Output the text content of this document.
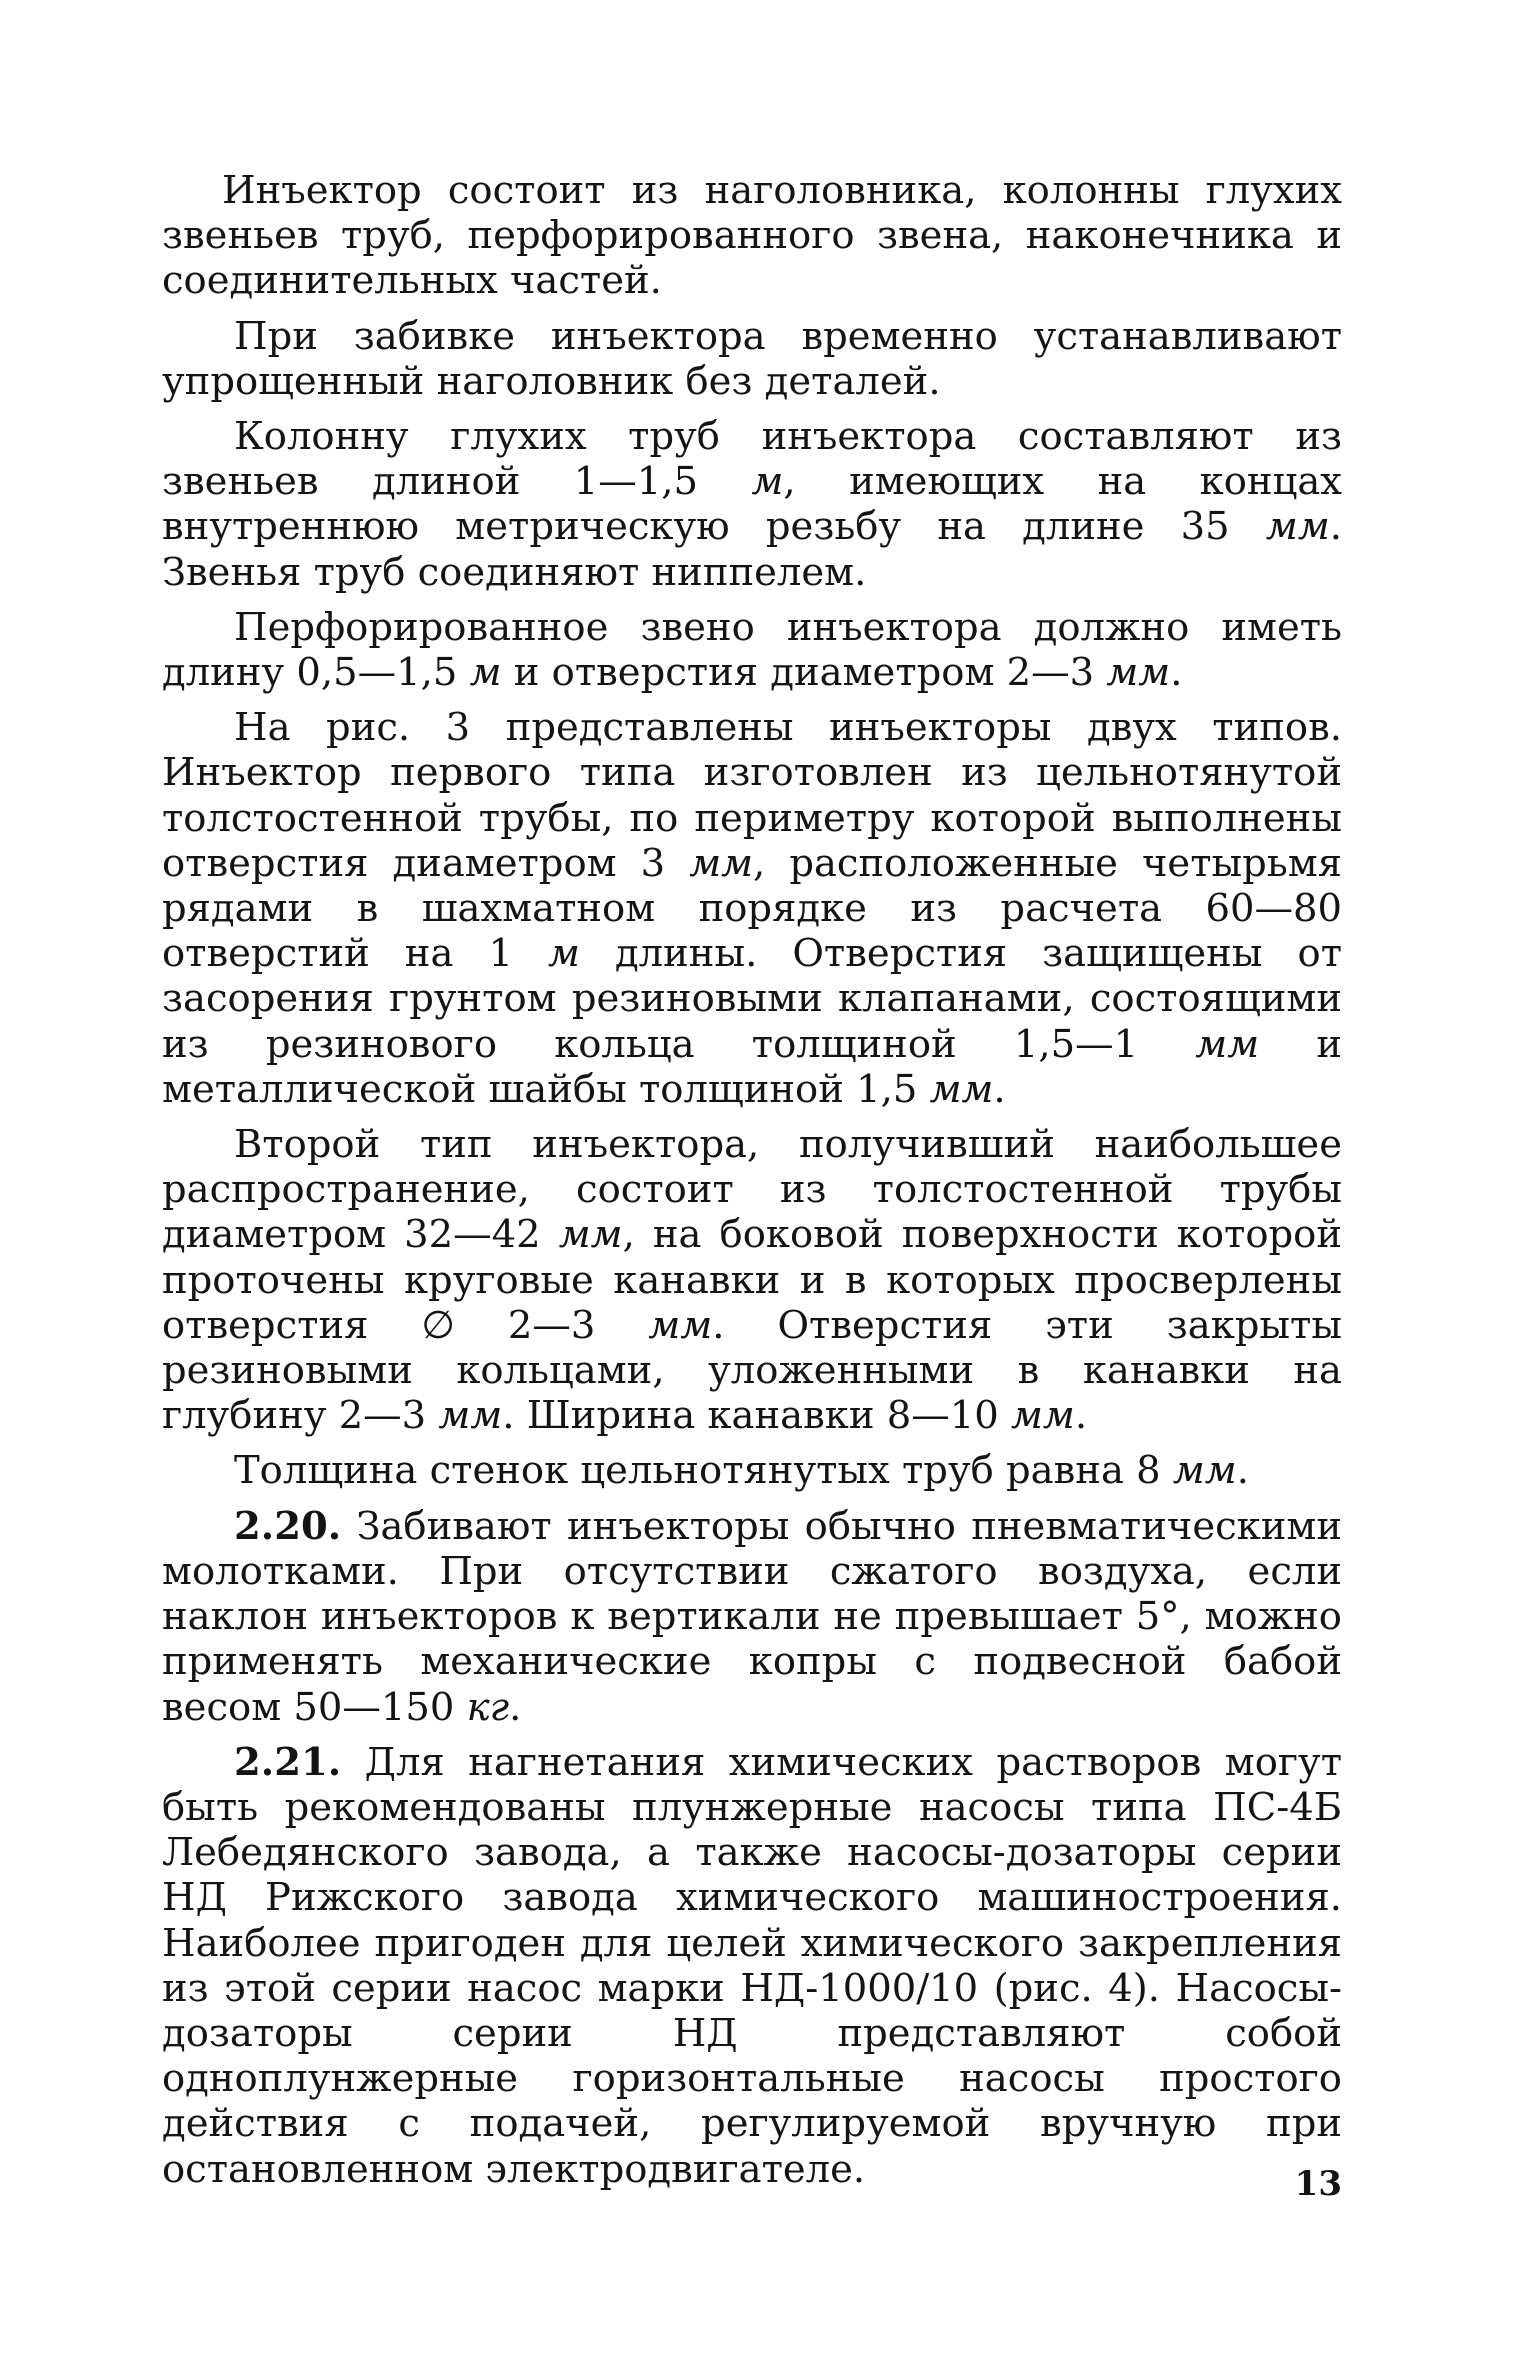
Инъектор состоит из наголовника, колонны глухих звеньев труб, перфорированного звена, наконечника и соединительных частей.

При забивке инъектора временно устанавливают упрощенный наголовник без деталей.

Колонну глухих труб инъектора составляют из звеньев длиной 1—1,5 м, имеющих на концах внутреннюю метрическую резьбу на длине 35 мм. Звенья труб соединяют ниппелем.

Перфорированное звено инъектора должно иметь длину 0,5—1,5 м и отверстия диаметром 2—3 мм.

На рис. 3 представлены инъекторы двух типов. Инъектор первого типа изготовлен из цельнотянутой толстостенной трубы, по периметру которой выполнены отверстия диаметром 3 мм, расположенные четырьмя рядами в шахматном порядке из расчета 60—80 отверстий на 1 м длины. Отверстия защищены от засорения грунтом резиновыми клапанами, состоящими из резинового кольца толщиной 1,5—1 мм и металлической шайбы толщиной 1,5 мм.

Второй тип инъектора, получивший наибольшее распространение, состоит из толстостенной трубы диаметром 32—42 мм, на боковой поверхности которой проточены круговые канавки и в которых просверлены отверстия ∅ 2—3 мм. Отверстия эти закрыты резиновыми кольцами, уложенными в канавки на глубину 2—3 мм. Ширина канавки 8—10 мм.

Толщина стенок цельнотянутых труб равна 8 мм.

2.20. Забивают инъекторы обычно пневматическими молотками. При отсутствии сжатого воздуха, если наклон инъекторов к вертикали не превышает 5°, можно применять механические копры с подвесной бабой весом 50—150 кг.

2.21. Для нагнетания химических растворов могут быть рекомендованы плунжерные насосы типа ПС-4Б Лебедянского завода, а также насосы-дозаторы серии НД Рижского завода химического машиностроения. Наиболее пригоден для целей химического закрепления из этой серии насос марки НД-1000/10 (рис. 4). Насосы-дозаторы серии НД представляют собой одноплунжерные горизонтальные насосы простого действия с подачей, регулируемой вручную при остановленном электродвигателе.	13
